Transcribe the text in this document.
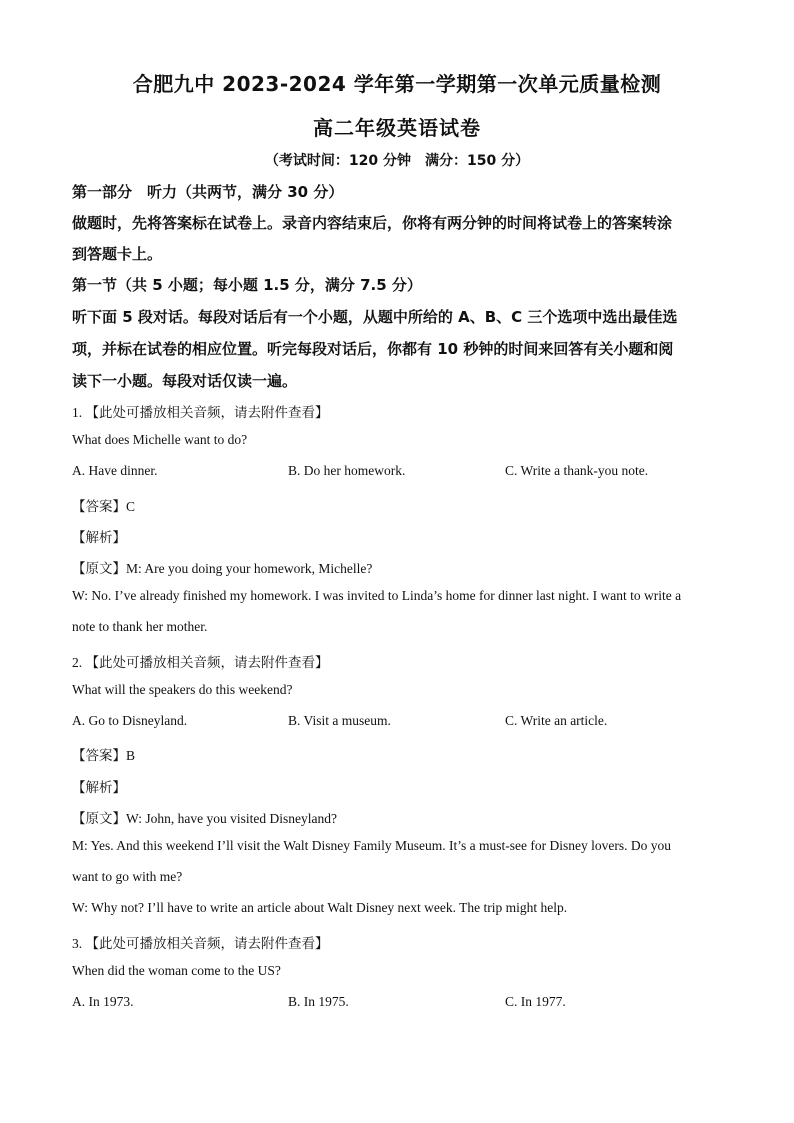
合肥九中 2023-2024 学年第一学期第一次单元质量检测
高二年级英语试卷
（考试时间：120 分钟　满分：150 分）
第一部分　听力（共两节，满分 30 分）
做题时，先将答案标在试卷上。录音内容结束后，你将有两分钟的时间将试卷上的答案转涂
到答题卡上。
第一节（共 5 小题；每小题 1.5 分，满分 7.5 分）
听下面 5 段对话。每段对话后有一个小题，从题中所给的 A、B、C 三个选项中选出最佳选
项，并标在试卷的相应位置。听完每段对话后，你都有 10 秒钟的时间来回答有关小题和阅
读下一小题。每段对话仅读一遍。
1. 【此处可播放相关音频，请去附件查看】
What does Michelle want to do?
A. Have dinner.	B. Do her homework.	C. Write a thank-you note.
【答案】C
【解析】
【原文】M: Are you doing your homework, Michelle?
W: No. I’ve already finished my homework. I was invited to Linda’s home for dinner last night. I want to write a
note to thank her mother.
2. 【此处可播放相关音频，请去附件查看】
What will the speakers do this weekend?
A. Go to Disneyland.	B. Visit a museum.	C. Write an article.
【答案】B
【解析】
【原文】W: John, have you visited Disneyland?
M: Yes. And this weekend I’ll visit the Walt Disney Family Museum. It’s a must-see for Disney lovers. Do you
want to go with me?
W: Why not? I’ll have to write an article about Walt Disney next week. The trip might help.
3. 【此处可播放相关音频，请去附件查看】
When did the woman come to the US?
A. In 1973.	B. In 1975.	C. In 1977.
